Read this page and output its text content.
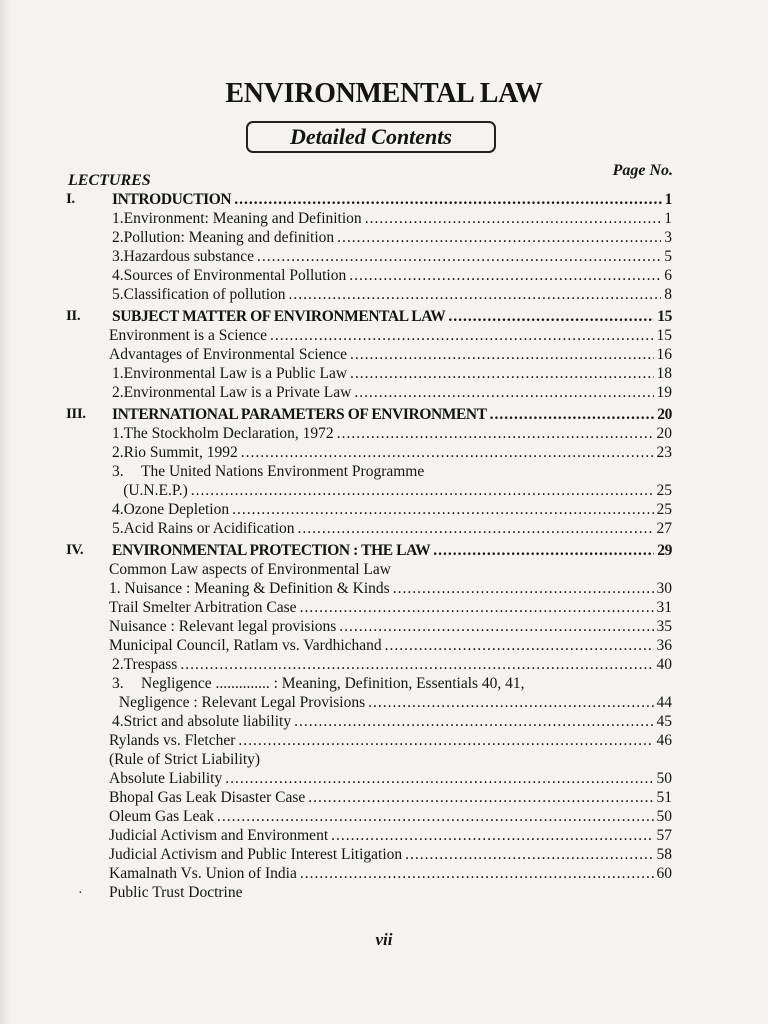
ENVIRONMENTAL LAW
Detailed Contents
LECTURES
Page No.
I. INTRODUCTION .....	1
1. Environment: Meaning and Definition .....	1
2. Pollution: Meaning and definition .....	3
3. Hazardous substance .....	5
4. Sources of Environmental Pollution .....	6
5. Classification of pollution .....	8
II. SUBJECT MATTER OF ENVIRONMENTAL LAW .....	15
Environment is a Science .....	15
Advantages of Environmental Science .....	16
1. Environmental Law is a Public Law .....	18
2. Environmental Law is a Private Law .....	19
III. INTERNATIONAL PARAMETERS OF ENVIRONMENT .....	20
1. The Stockholm Declaration, 1972 .....	20
2. Rio Summit, 1992 .....	23
3.	The United Nations Environment Programme
(U.N.E.P.) .....	25
4. Ozone Depletion .....	25
5. Acid Rains or Acidification .....	27
IV. ENVIRONMENTAL PROTECTION : THE LAW .....	29
Common Law aspects of Environmental Law
1. Nuisance : Meaning & Definition & Kinds .....	30
Trail Smelter Arbitration Case .....	31
Nuisance : Relevant legal provisions .....	35
Municipal Council, Ratlam vs. Vardhichand .....	36
2. Trespass .....	40
3.	Negligence .............. : Meaning, Definition, Essentials 40, 41,
Negligence : Relevant Legal Provisions .....	44
4. Strict and absolute liability .....	45
Rylands vs. Fletcher .....	46
(Rule of Strict Liability)
Absolute Liability .....	50
Bhopal Gas Leak Disaster Case .....	51
Oleum Gas Leak .....	50
Judicial Activism and Environment .....	57
Judicial Activism and Public Interest Litigation .....	58
Kamalnath Vs. Union of India .....	60
Public Trust Doctrine
·
vii
